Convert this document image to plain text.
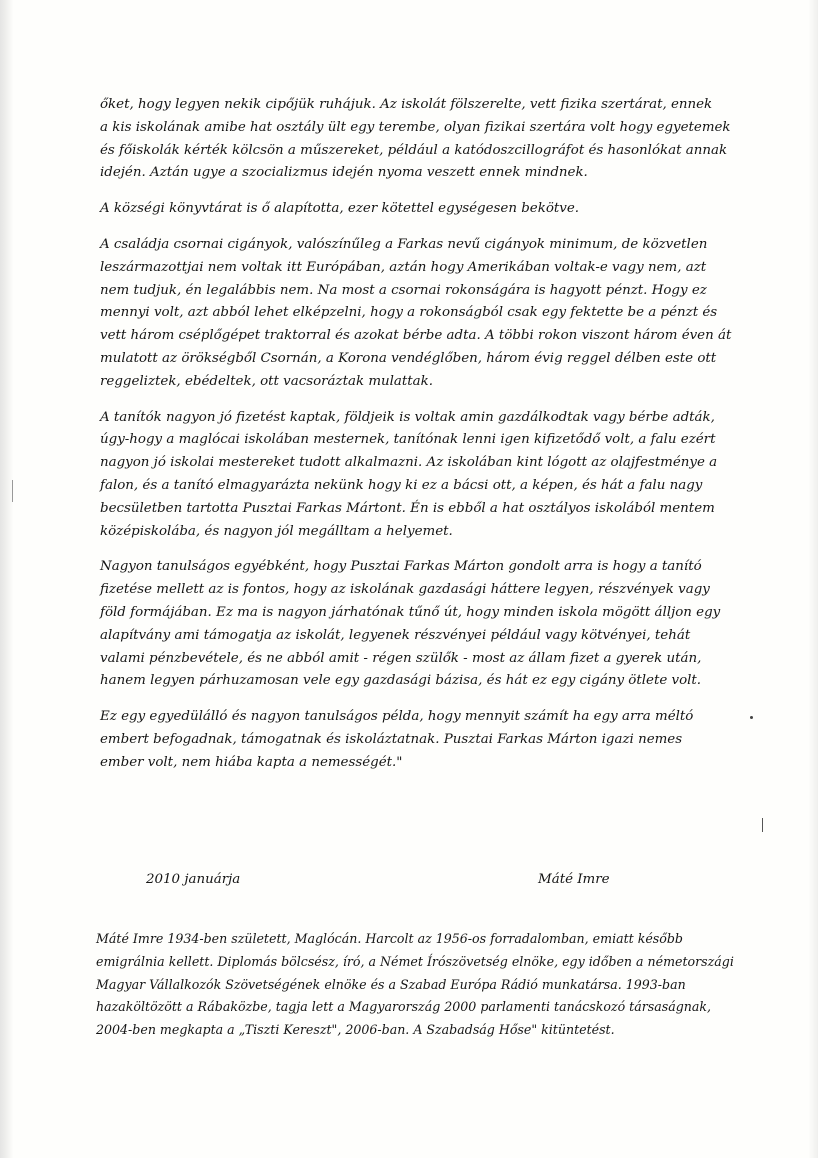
őket, hogy legyen nekik cipőjük ruhájuk. Az iskolát fölszerelte, vett fizika szertárat, ennek
a kis iskolának amibe hat osztály ült egy terembe, olyan fizikai szertára volt hogy egyetemek
és főiskolák kérték kölcsön a műszereket, például a katódoszcillográfot és hasonlókat annak
idején. Aztán ugye a szocializmus idején nyoma veszett ennek mindnek.
A községi könyvtárat is ő alapította, ezer kötettel egységesen bekötve.
A családja csornai cigányok, valószínűleg a Farkas nevű cigányok minimum, de közvetlen
leszármazottjai nem voltak itt Európában, aztán hogy Amerikában voltak-e vagy nem, azt
nem tudjuk, én legalábbis nem. Na most a csornai rokonságára is hagyott pénzt. Hogy ez
mennyi volt, azt abból lehet elképzelni, hogy a rokonságból csak egy fektette be a pénzt és
vett három cséplőgépet traktorral és azokat bérbe adta. A többi rokon viszont három éven át
mulatott az örökségből Csornán, a Korona vendéglőben, három évig reggel délben este ott
reggeliztek, ebédeltek, ott vacsoráztak mulattak.
A tanítók nagyon jó fizetést kaptak, földjeik is voltak amin gazdálkodtak vagy bérbe adták,
úgy-hogy a maglócai iskolában mesternek, tanítónak lenni igen kifizetődő volt, a falu ezért
nagyon jó iskolai mestereket tudott alkalmazni. Az iskolában kint lógott az olajfestménye a
falon, és a tanító elmagyarázta nekünk hogy ki ez a bácsi ott, a képen, és hát a falu nagy
becsületben tartotta Pusztai Farkas Mártont. Én is ebből a hat osztályos iskolából mentem
középiskolába, és nagyon jól megálltam a helyemet.
Nagyon tanulságos egyébként, hogy Pusztai Farkas Márton gondolt arra is hogy a tanító
fizetése mellett az is fontos, hogy az iskolának gazdasági háttere legyen, részvények vagy
föld formájában. Ez ma is nagyon járhatónak tűnő út, hogy minden iskola mögött álljon egy
alapítvány ami támogatja az iskolát, legyenek részvényei például vagy kötvényei, tehát
valami pénzbevétele, és ne abból amit - régen szülők - most az állam fizet a gyerek után,
hanem legyen párhuzamosan vele egy gazdasági bázisa, és hát ez egy cigány ötlete volt.
Ez egy egyedülálló és nagyon tanulságos példa, hogy mennyit számít ha egy arra méltó
embert befogadnak, támogatnak és iskoláztatnak. Pusztai Farkas Márton igazi nemes
ember volt, nem hiába kapta a nemességét."
2010 januárja	Máté Imre
Máté Imre 1934-ben született, Maglócán. Harcolt az 1956-os forradalomban, emiatt később
emigrálnia kellett. Diplomás bölcsész, író, a Német Írószövetség elnöke, egy időben a németországi
Magyar Vállalkozók Szövetségének elnöke és a Szabad Európa Rádió munkatársa. 1993-ban
hazaköltözött a Rábaközbe, tagja lett a Magyarország 2000 parlamenti tanácskozó társaságnak,
2004-ben megkapta a „Tiszti Kereszt", 2006-ban. A Szabadság Hőse" kitüntetést.
